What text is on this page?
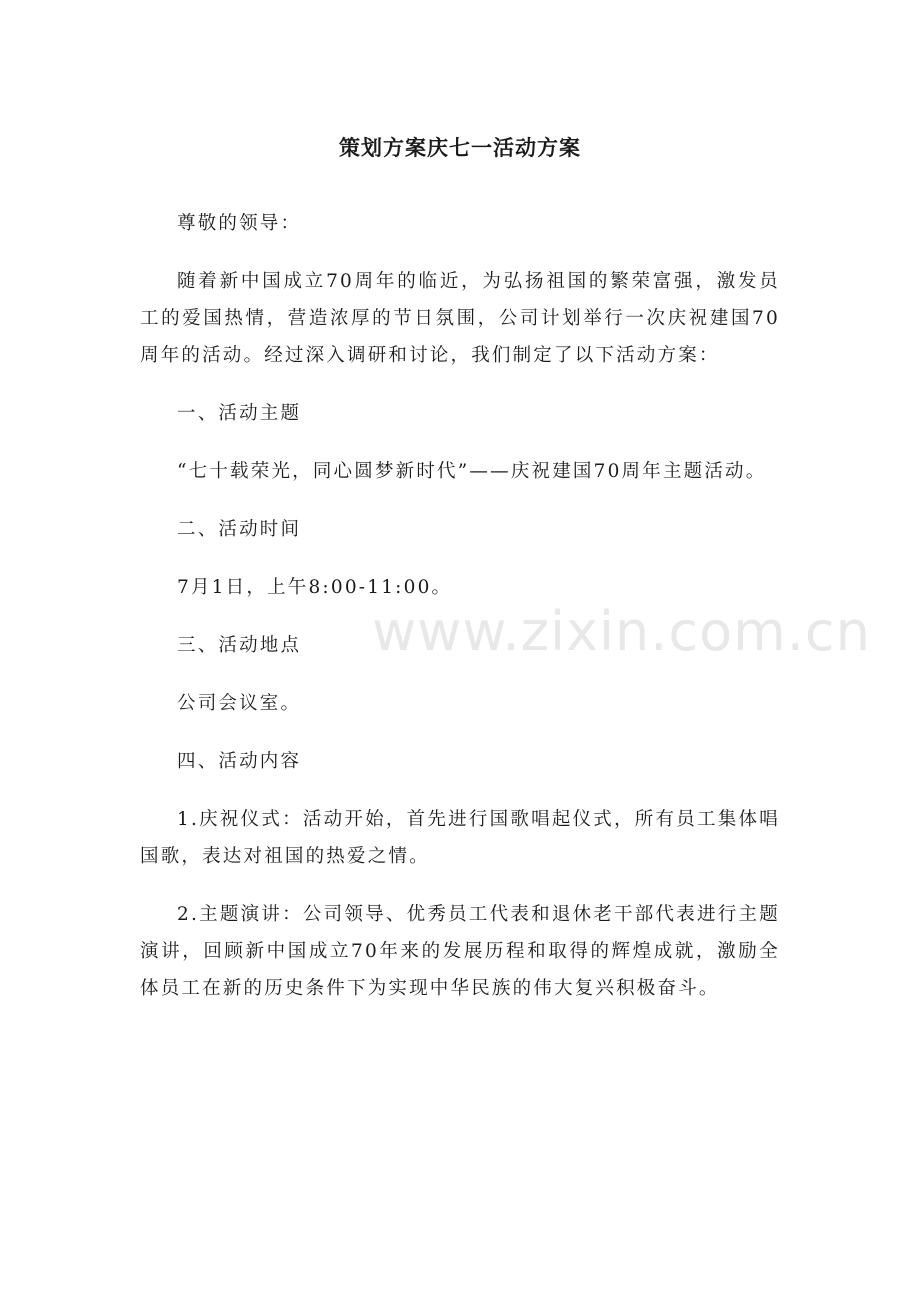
策划方案庆七一活动方案

尊敬的领导：

随着新中国成立70周年的临近，为弘扬祖国的繁荣富强，激发员工的爱国热情，营造浓厚的节日氛围，公司计划举行一次庆祝建国70周年的活动。经过深入调研和讨论，我们制定了以下活动方案：

一、活动主题

“七十载荣光，同心圆梦新时代”——庆祝建国70周年主题活动。

二、活动时间

7月1日，上午8:00-11:00。

三、活动地点

公司会议室。

四、活动内容

1.庆祝仪式：活动开始，首先进行国歌唱起仪式，所有员工集体唱国歌，表达对祖国的热爱之情。

2.主题演讲：公司领导、优秀员工代表和退休老干部代表进行主题演讲，回顾新中国成立70年来的发展历程和取得的辉煌成就，激励全体员工在新的历史条件下为实现中华民族的伟大复兴积极奋斗。

www.zixin.com.cn
